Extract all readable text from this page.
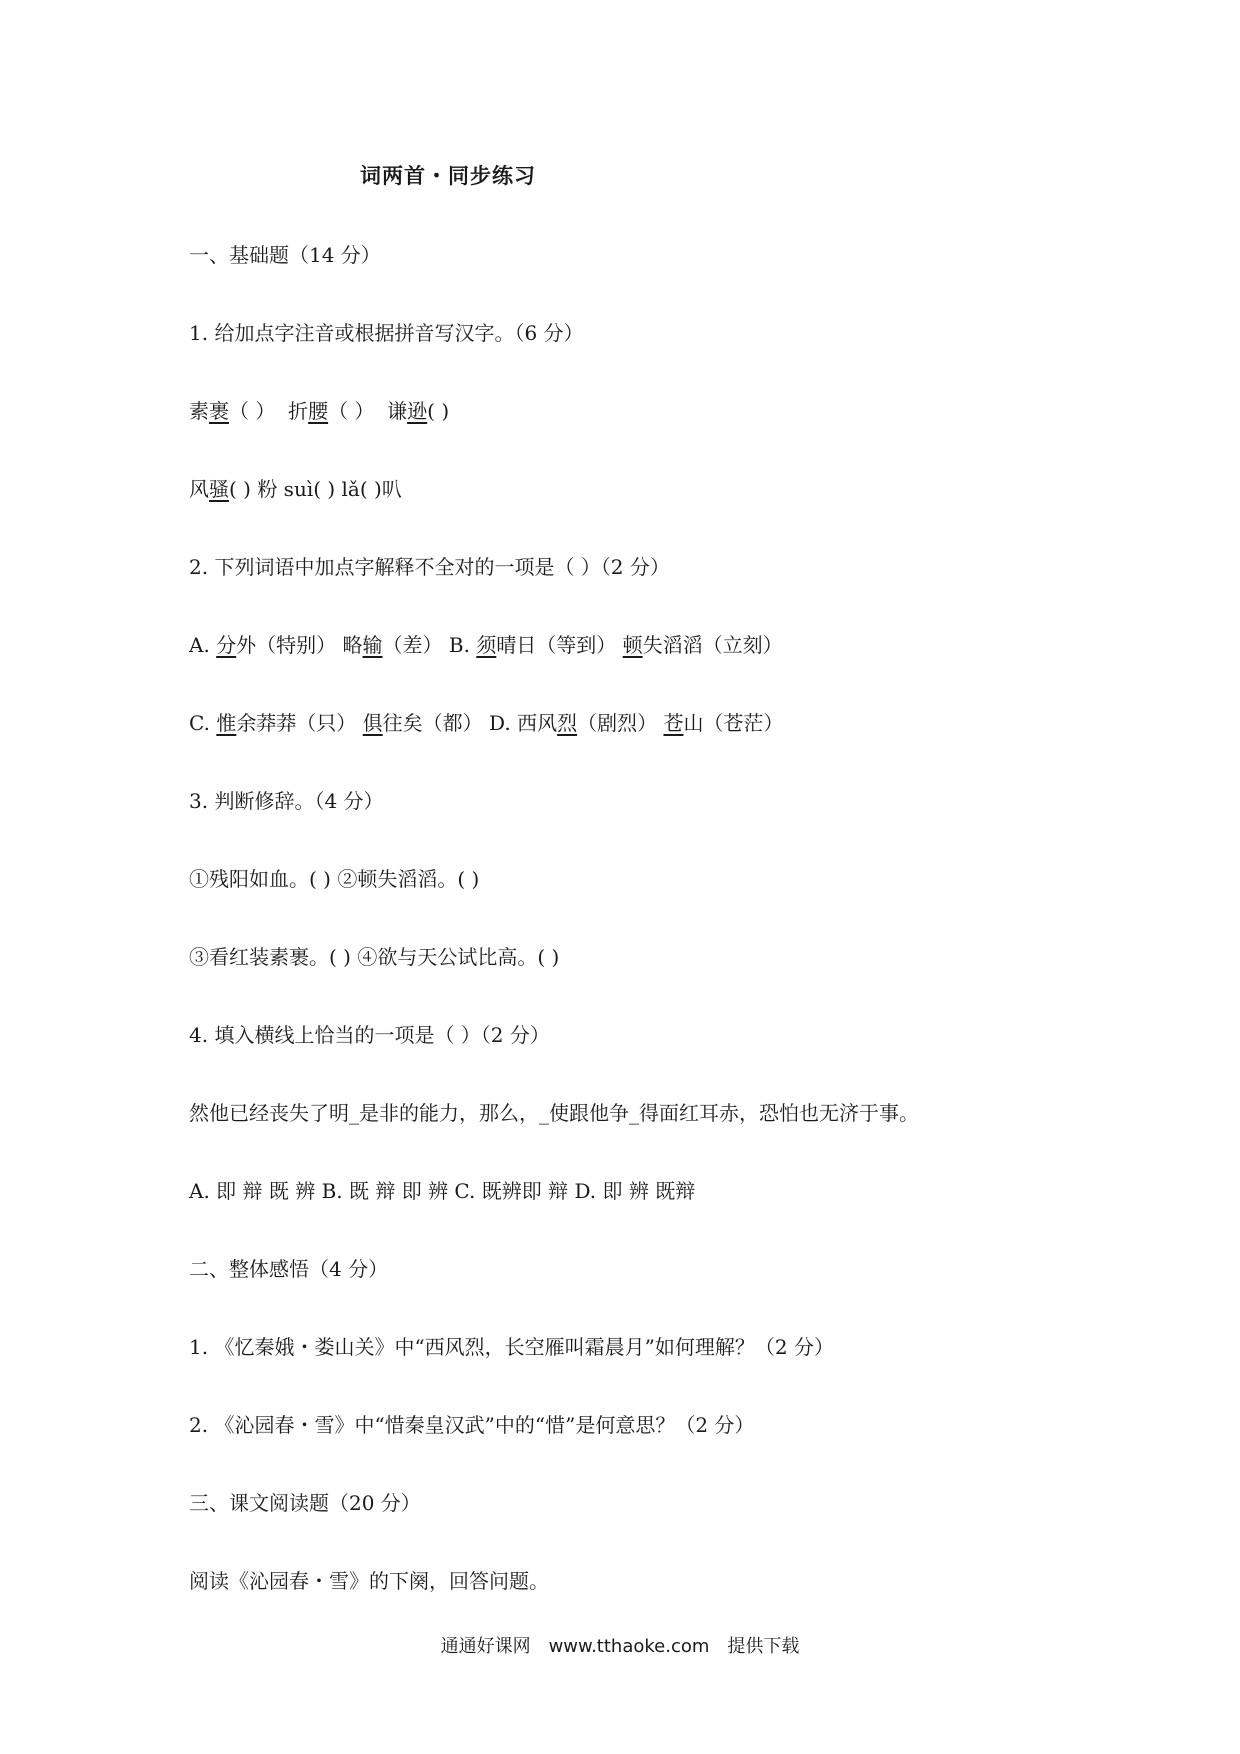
词两首・同步练习
一、基础题（14 分）
1. 给加点字注音或根据拼音写汉字。（6 分）
素裹（ ） 折腰（ ） 谦逊( )
风骚( ) 粉 suì( ) lǎ( )叭
2. 下列词语中加点字解释不全对的一项是（ ）（2 分）
A. 分外（特别） 略输（差） B. 须晴日（等到） 顿失滔滔（立刻）
C. 惟余莽莽（只） 俱往矣（都） D. 西风烈（剧烈） 苍山（苍茫）
3. 判断修辞。（4 分）
①残阳如血。( ) ②顿失滔滔。( )
③看红装素裹。( ) ④欲与天公试比高。( )
4. 填入横线上恰当的一项是（ ）（2 分）
然他已经丧失了明_是非的能力，那么，_使跟他争_得面红耳赤，恐怕也无济于事。
A. 即 辩 既 辨 B. 既 辩 即 辨 C. 既辨即 辩 D. 即 辨 既辩
二、整体感悟（4 分）
1. 《忆秦娥・娄山关》中“西风烈，长空雁叫霜晨月”如何理解？（2 分）
2. 《沁园春・雪》中“惜秦皇汉武”中的“惜”是何意思？（2 分）
三、课文阅读题（20 分）
阅读《沁园春・雪》的下阕，回答问题。
通通好课网　www.tthaoke.com　提供下载
